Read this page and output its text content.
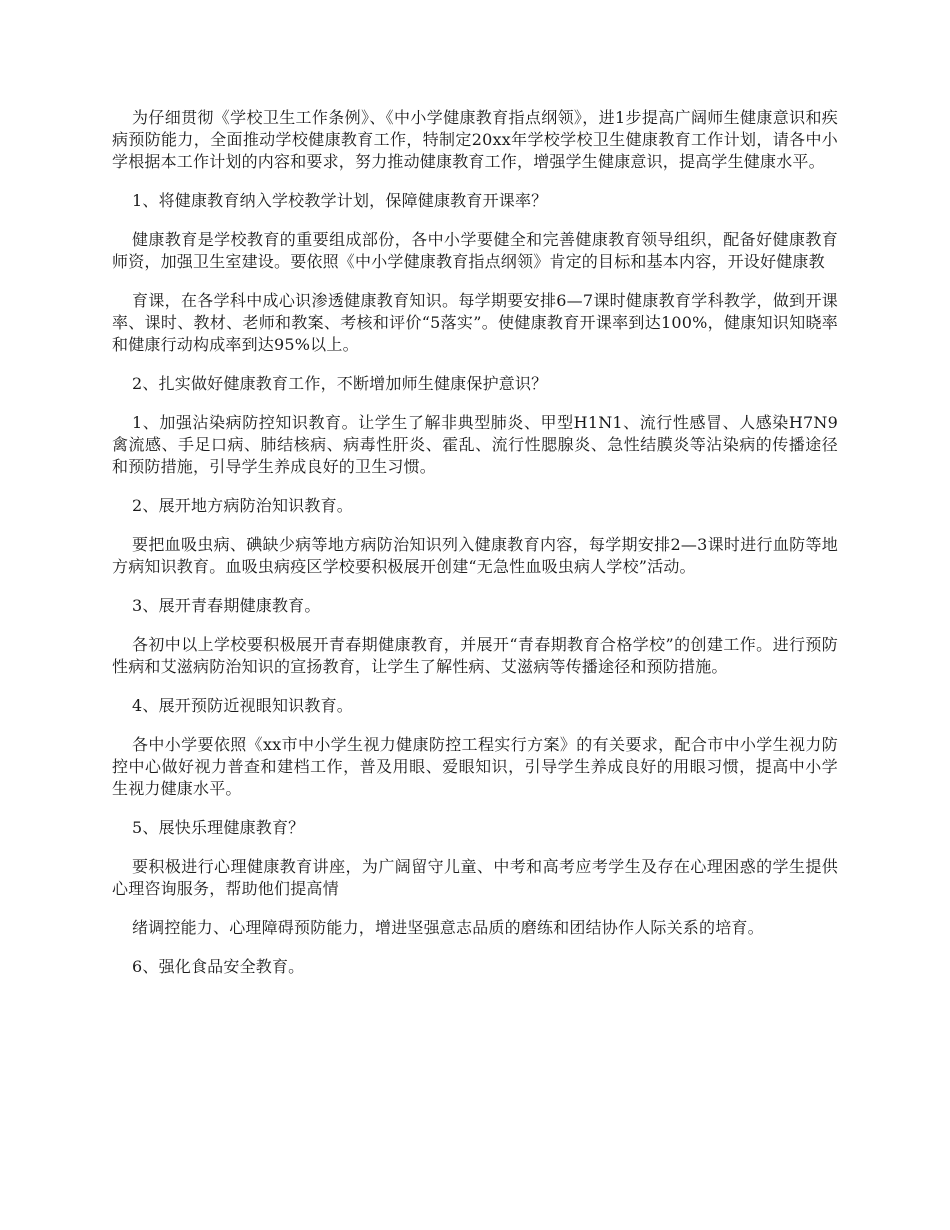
为仔细贯彻《学校卫生工作条例》、《中小学健康教育指点纲领》，进1步提高广阔师生健康意识和疾病预防能力，全面推动学校健康教育工作，特制定20xx年学校学校卫生健康教育工作计划，请各中小学根据本工作计划的内容和要求，努力推动健康教育工作，增强学生健康意识，提高学生健康水平。

1、将健康教育纳入学校教学计划，保障健康教育开课率？

健康教育是学校教育的重要组成部份，各中小学要健全和完善健康教育领导组织，配备好健康教育师资，加强卫生室建设。要依照《中小学健康教育指点纲领》肯定的目标和基本内容，开设好健康教

育课，在各学科中成心识渗透健康教育知识。每学期要安排6—7课时健康教育学科教学，做到开课率、课时、教材、老师和教案、考核和评价“5落实”。使健康教育开课率到达100%，健康知识知晓率和健康行动构成率到达95%以上。

2、扎实做好健康教育工作，不断增加师生健康保护意识？

1、加强沾染病防控知识教育。让学生了解非典型肺炎、甲型H1N1、流行性感冒、人感染H7N9禽流感、手足口病、肺结核病、病毒性肝炎、霍乱、流行性腮腺炎、急性结膜炎等沾染病的传播途径和预防措施，引导学生养成良好的卫生习惯。

2、展开地方病防治知识教育。

要把血吸虫病、碘缺少病等地方病防治知识列入健康教育内容，每学期安排2—3课时进行血防等地方病知识教育。血吸虫病疫区学校要积极展开创建“无急性血吸虫病人学校”活动。

3、展开青春期健康教育。

各初中以上学校要积极展开青春期健康教育，并展开“青春期教育合格学校”的创建工作。进行预防性病和艾滋病防治知识的宣扬教育，让学生了解性病、艾滋病等传播途径和预防措施。

4、展开预防近视眼知识教育。

各中小学要依照《xx市中小学生视力健康防控工程实行方案》的有关要求，配合市中小学生视力防控中心做好视力普查和建档工作，普及用眼、爱眼知识，引导学生养成良好的用眼习惯，提高中小学生视力健康水平。

5、展快乐理健康教育？

要积极进行心理健康教育讲座，为广阔留守儿童、中考和高考应考学生及存在心理困惑的学生提供心理咨询服务，帮助他们提高情

绪调控能力、心理障碍预防能力，增进坚强意志品质的磨练和团结协作人际关系的培育。

6、强化食品安全教育。
